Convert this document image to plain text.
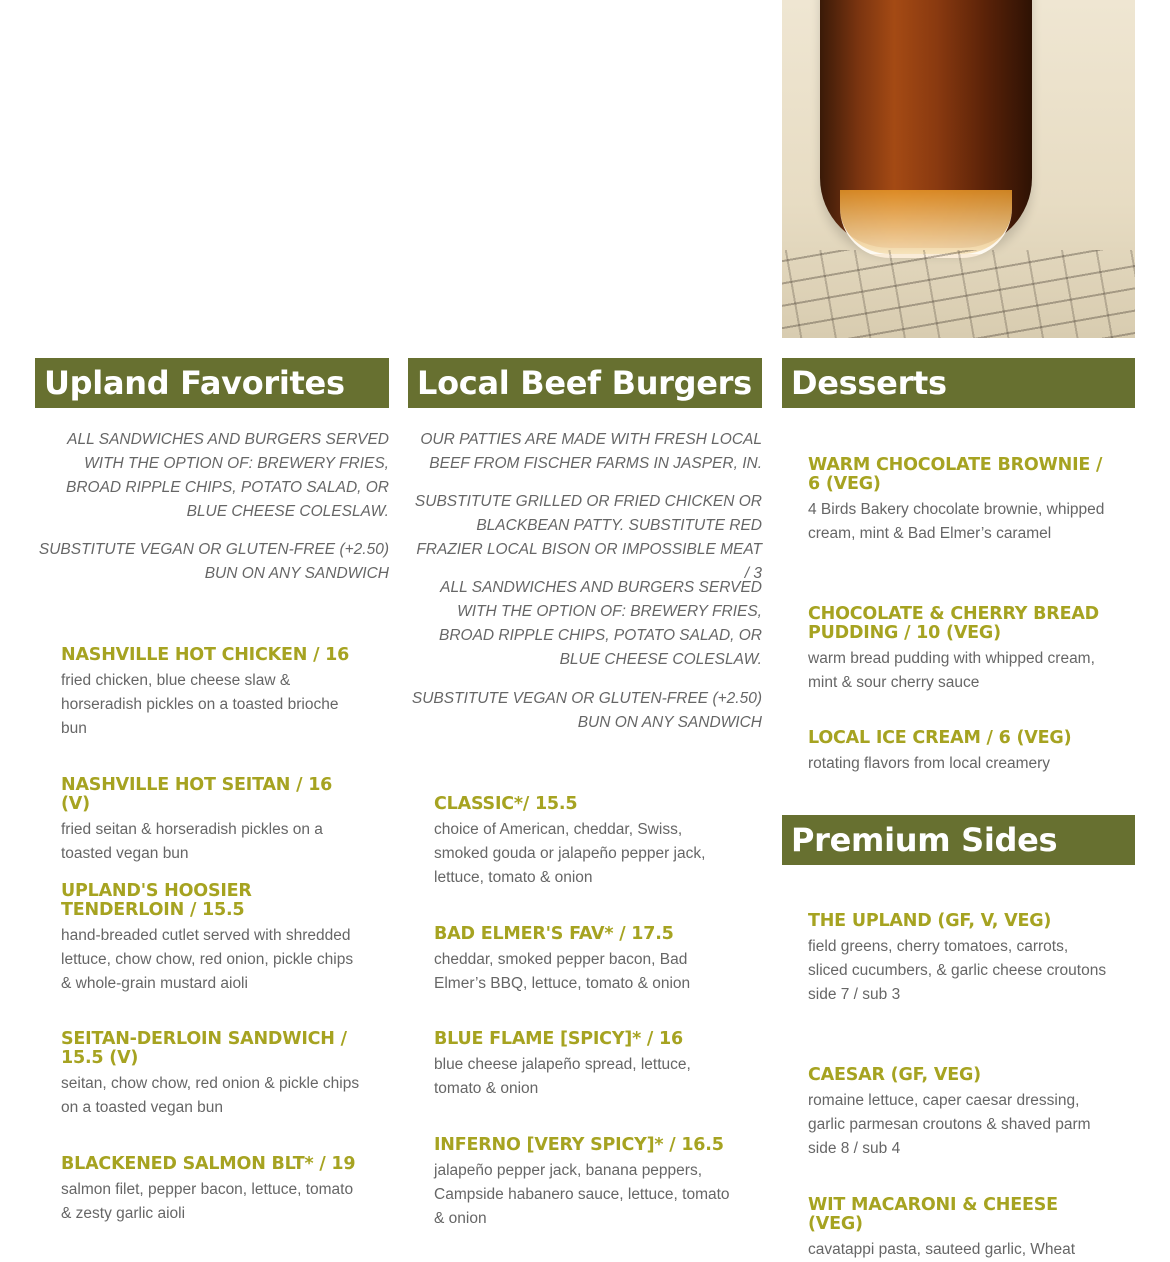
Upland Favorites

ALL SANDWICHES AND BURGERS SERVED WITH THE OPTION OF: BREWERY FRIES, BROAD RIPPLE CHIPS, POTATO SALAD, OR BLUE CHEESE COLESLAW.

SUBSTITUTE VEGAN OR GLUTEN-FREE (+2.50) BUN ON ANY SANDWICH

NASHVILLE HOT CHICKEN / 16

fried chicken, blue cheese slaw & horseradish pickles on a toasted brioche bun

NASHVILLE HOT SEITAN / 16 (V)

fried seitan & horseradish pickles on a toasted vegan bun

UPLAND'S HOOSIER TENDERLOIN / 15.5

hand-breaded cutlet served with shredded lettuce, chow chow, red onion, pickle chips & whole-grain mustard aioli

SEITAN-DERLOIN SANDWICH / 15.5 (V)

seitan, chow chow, red onion & pickle chips on a toasted vegan bun

BLACKENED SALMON BLT* / 19

salmon filet, pepper bacon, lettuce, tomato & zesty garlic aioli
Local Beef Burgers

OUR PATTIES ARE MADE WITH FRESH LOCAL BEEF FROM FISCHER FARMS IN JASPER, IN.

SUBSTITUTE GRILLED OR FRIED CHICKEN OR BLACKBEAN PATTY. SUBSTITUTE RED FRAZIER LOCAL BISON OR IMPOSSIBLE MEAT / 3

ALL SANDWICHES AND BURGERS SERVED WITH THE OPTION OF: BREWERY FRIES, BROAD RIPPLE CHIPS, POTATO SALAD, OR BLUE CHEESE COLESLAW.

SUBSTITUTE VEGAN OR GLUTEN-FREE (+2.50) BUN ON ANY SANDWICH

CLASSIC*/ 15.5

choice of American, cheddar, Swiss, smoked gouda or jalapeño pepper jack, lettuce, tomato & onion

BAD ELMER'S FAV* / 17.5

cheddar, smoked pepper bacon, Bad Elmer’s BBQ, lettuce, tomato & onion

BLUE FLAME [SPICY]* / 16

blue cheese jalapeño spread, lettuce, tomato & onion

INFERNO [VERY SPICY]* / 16.5

jalapeño pepper jack, banana peppers, Campside habanero sauce, lettuce, tomato & onion
Desserts

WARM CHOCOLATE BROWNIE / 6 (VEG)

4 Birds Bakery chocolate brownie, whipped cream, mint & Bad Elmer’s caramel

CHOCOLATE & CHERRY BREAD PUDDING / 10 (VEG)

warm bread pudding with whipped cream, mint & sour cherry sauce

LOCAL ICE CREAM / 6 (VEG)

rotating flavors from local creamery
Premium Sides

THE UPLAND (GF, V, VEG)

field greens, cherry tomatoes, carrots, sliced cucumbers, & garlic cheese croutons
side 7 / sub 3

CAESAR (GF, VEG)

romaine lettuce, caper caesar dressing, garlic parmesan croutons & shaved parm
side 8 / sub 4

WIT MACARONI & CHEESE (VEG)

cavatappi pasta, sauteed garlic, Wheat
